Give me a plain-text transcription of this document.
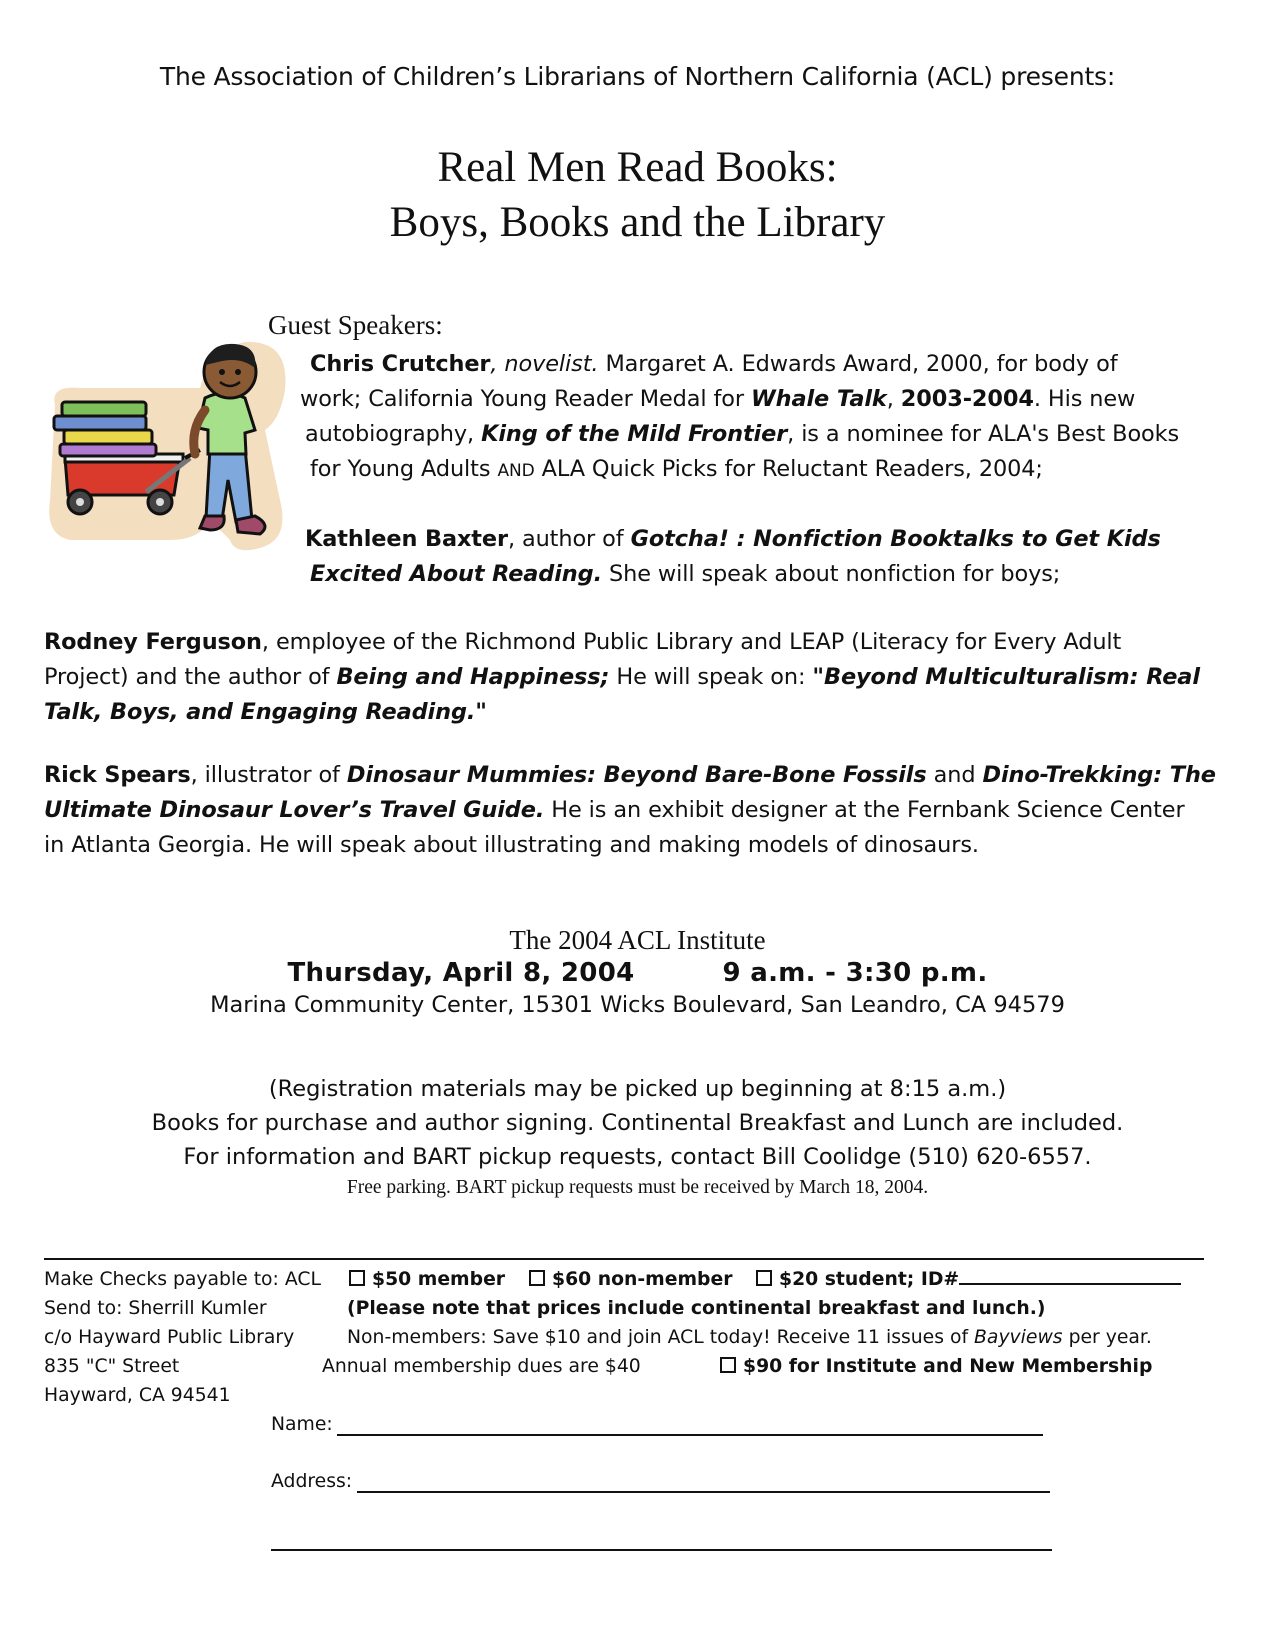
The Association of Children’s Librarians of Northern California (ACL) presents:
Real Men Read Books:
Boys, Books and the Library
Guest Speakers:
Chris Crutcher, novelist. Margaret A. Edwards Award, 2000, for body of
work; California Young Reader Medal for Whale Talk, 2003-2004. His new
autobiography, King of the Mild Frontier, is a nominee for ALA's Best Books
for Young Adults AND ALA Quick Picks for Reluctant Readers, 2004;
Kathleen Baxter, author of Gotcha! : Nonfiction Booktalks to Get Kids
Excited About Reading. She will speak about nonfiction for boys;
Rodney Ferguson, employee of the Richmond Public Library and LEAP (Literacy for Every Adult
Project) and the author of Being and Happiness; He will speak on: "Beyond Multiculturalism: Real
Talk, Boys, and Engaging Reading."
Rick Spears, illustrator of Dinosaur Mummies: Beyond Bare-Bone Fossils and Dino-Trekking: The
Ultimate Dinosaur Lover’s Travel Guide. He is an exhibit designer at the Fernbank Science Center
in Atlanta Georgia. He will speak about illustrating and making models of dinosaurs.
The 2004 ACL Institute
Thursday, April 8, 2004	9 a.m. - 3:30 p.m.
Marina Community Center, 15301 Wicks Boulevard, San Leandro, CA 94579
(Registration materials may be picked up beginning at 8:15 a.m.)
Books for purchase and author signing. Continental Breakfast and Lunch are included.
For information and BART pickup requests, contact Bill Coolidge (510) 620-6557.
Free parking. BART pickup requests must be received by March 18, 2004.
Make Checks payable to: ACL
Send to: Sherrill Kumler
c/o Hayward Public Library
835 "C" Street
Hayward, CA 94541
$50 member	$60 non-member	$20 student; ID#
(Please note that prices include continental breakfast and lunch.)
Non-members: Save $10 and join ACL today! Receive 11 issues of Bayviews per year.
Annual membership dues are $40	$90 for Institute and New Membership
Name:
Address:
